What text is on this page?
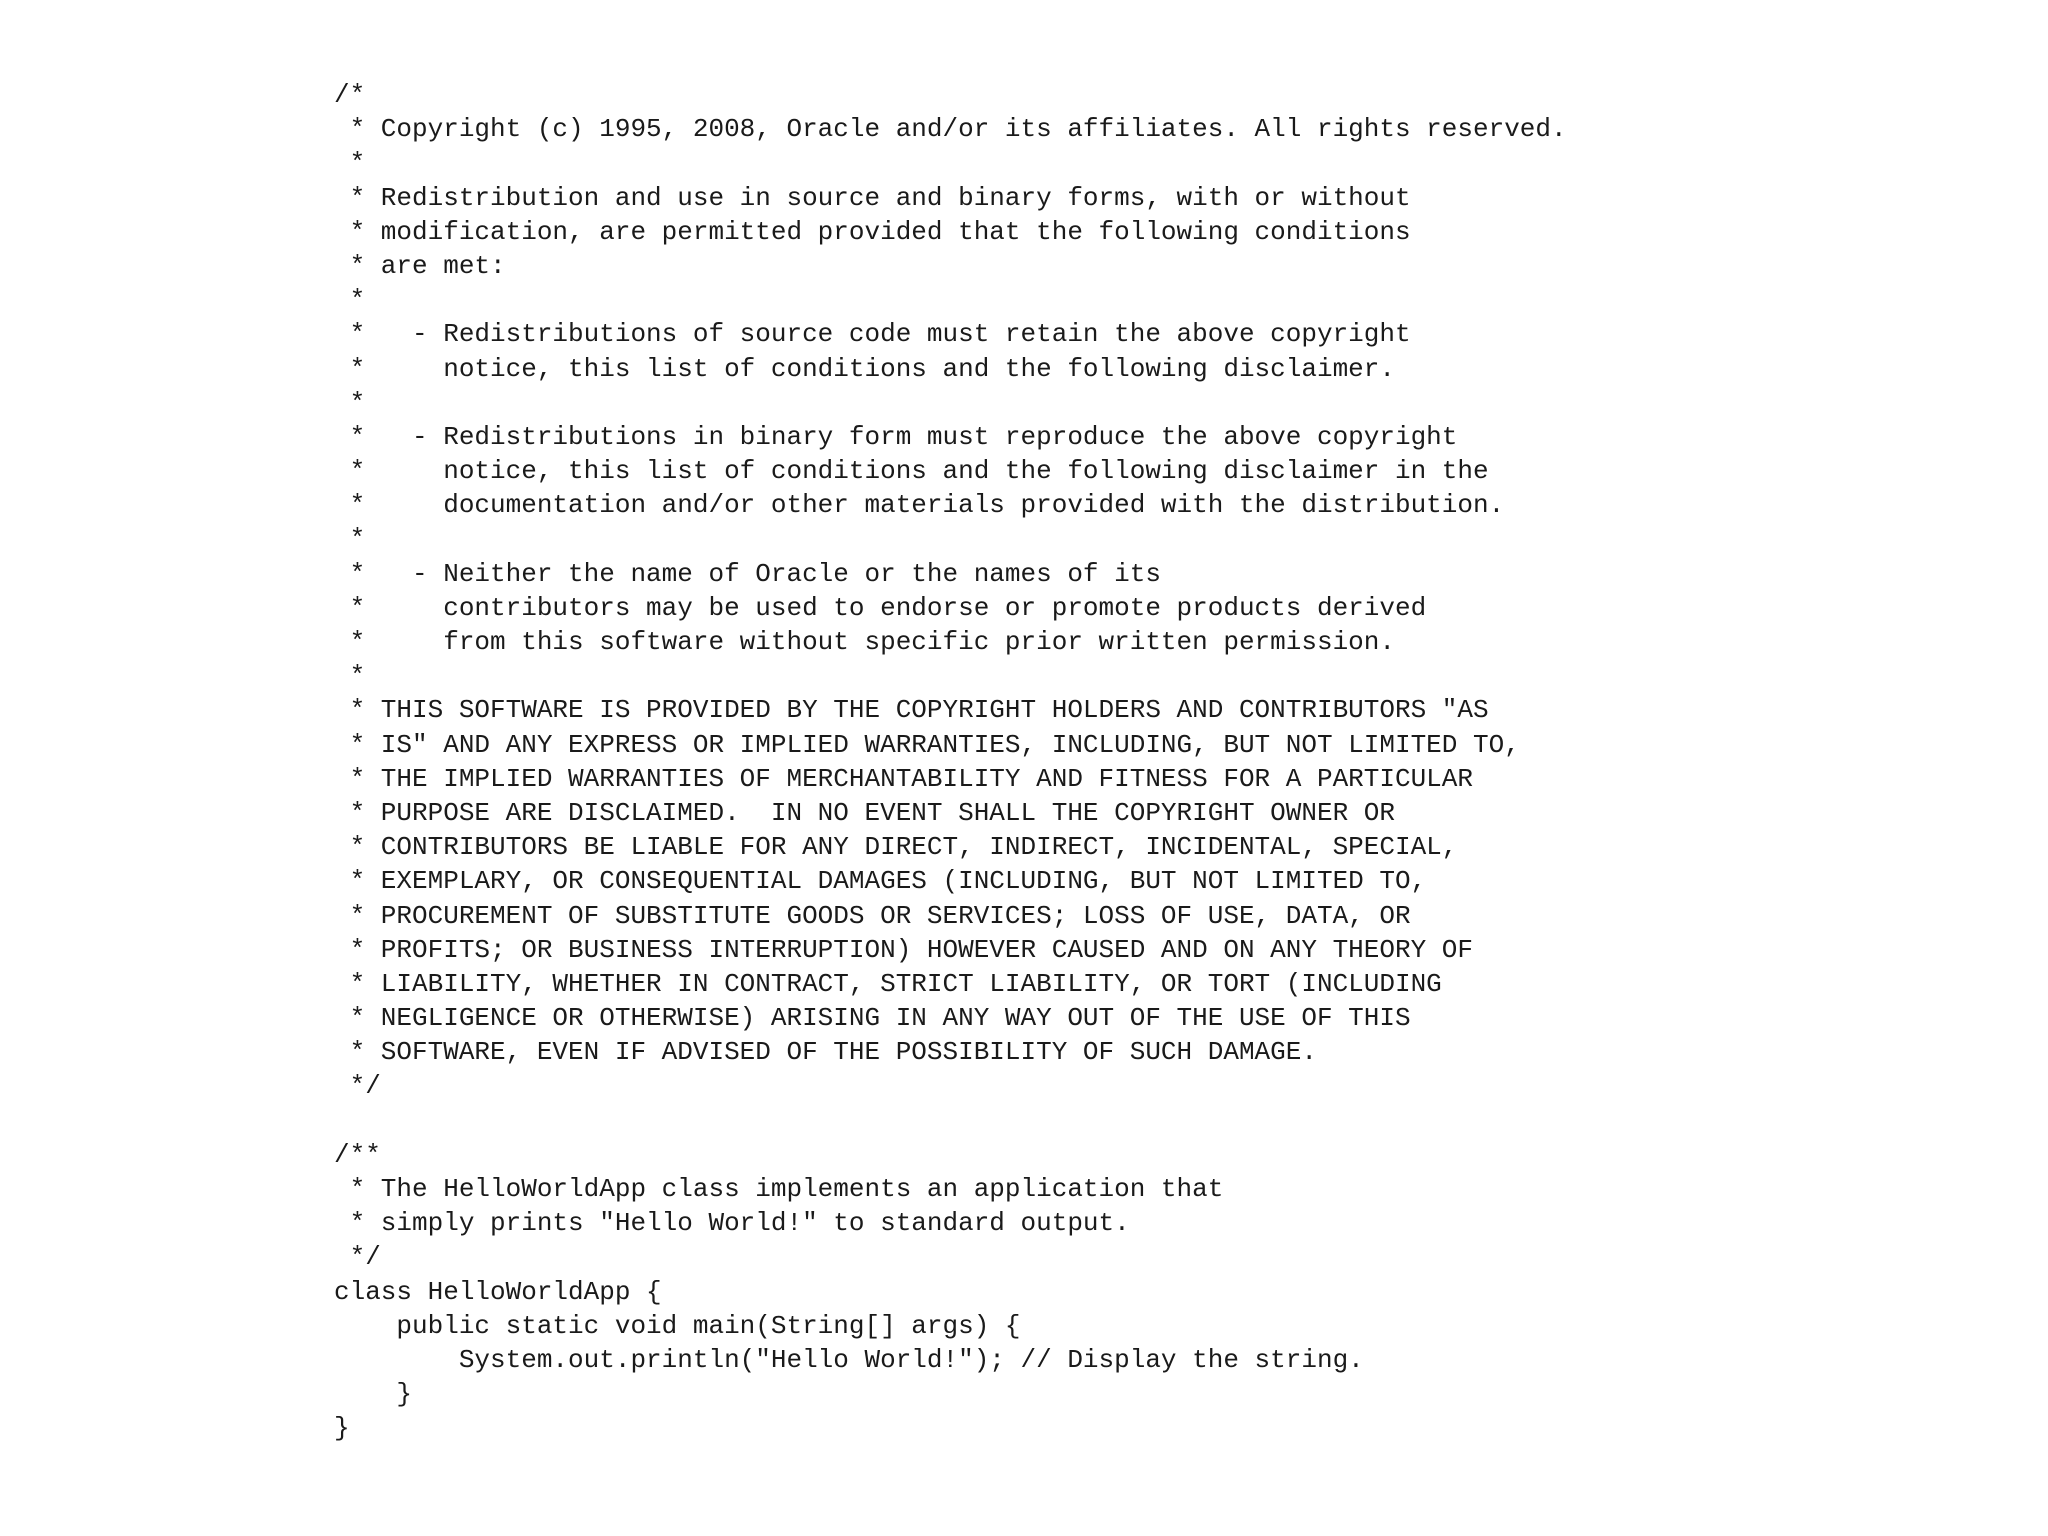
/*
* Copyright (c) 1995, 2008, Oracle and/or its affiliates. All rights reserved.
*
* Redistribution and use in source and binary forms, with or without
* modification, are permitted provided that the following conditions
* are met:
*
*   - Redistributions of source code must retain the above copyright
*     notice, this list of conditions and the following disclaimer.
*
*   - Redistributions in binary form must reproduce the above copyright
*     notice, this list of conditions and the following disclaimer in the
*     documentation and/or other materials provided with the distribution.
*
*   - Neither the name of Oracle or the names of its
*     contributors may be used to endorse or promote products derived
*     from this software without specific prior written permission.
*
* THIS SOFTWARE IS PROVIDED BY THE COPYRIGHT HOLDERS AND CONTRIBUTORS "AS
* IS" AND ANY EXPRESS OR IMPLIED WARRANTIES, INCLUDING, BUT NOT LIMITED TO,
* THE IMPLIED WARRANTIES OF MERCHANTABILITY AND FITNESS FOR A PARTICULAR
* PURPOSE ARE DISCLAIMED.  IN NO EVENT SHALL THE COPYRIGHT OWNER OR
* CONTRIBUTORS BE LIABLE FOR ANY DIRECT, INDIRECT, INCIDENTAL, SPECIAL,
* EXEMPLARY, OR CONSEQUENTIAL DAMAGES (INCLUDING, BUT NOT LIMITED TO,
* PROCUREMENT OF SUBSTITUTE GOODS OR SERVICES; LOSS OF USE, DATA, OR
* PROFITS; OR BUSINESS INTERRUPTION) HOWEVER CAUSED AND ON ANY THEORY OF
* LIABILITY, WHETHER IN CONTRACT, STRICT LIABILITY, OR TORT (INCLUDING
* NEGLIGENCE OR OTHERWISE) ARISING IN ANY WAY OUT OF THE USE OF THIS
* SOFTWARE, EVEN IF ADVISED OF THE POSSIBILITY OF SUCH DAMAGE.
*/
/**
* The HelloWorldApp class implements an application that
* simply prints "Hello World!" to standard output.
*/
class HelloWorldApp {
public static void main(String[] args) {
System.out.println("Hello World!"); // Display the string.
}
}
